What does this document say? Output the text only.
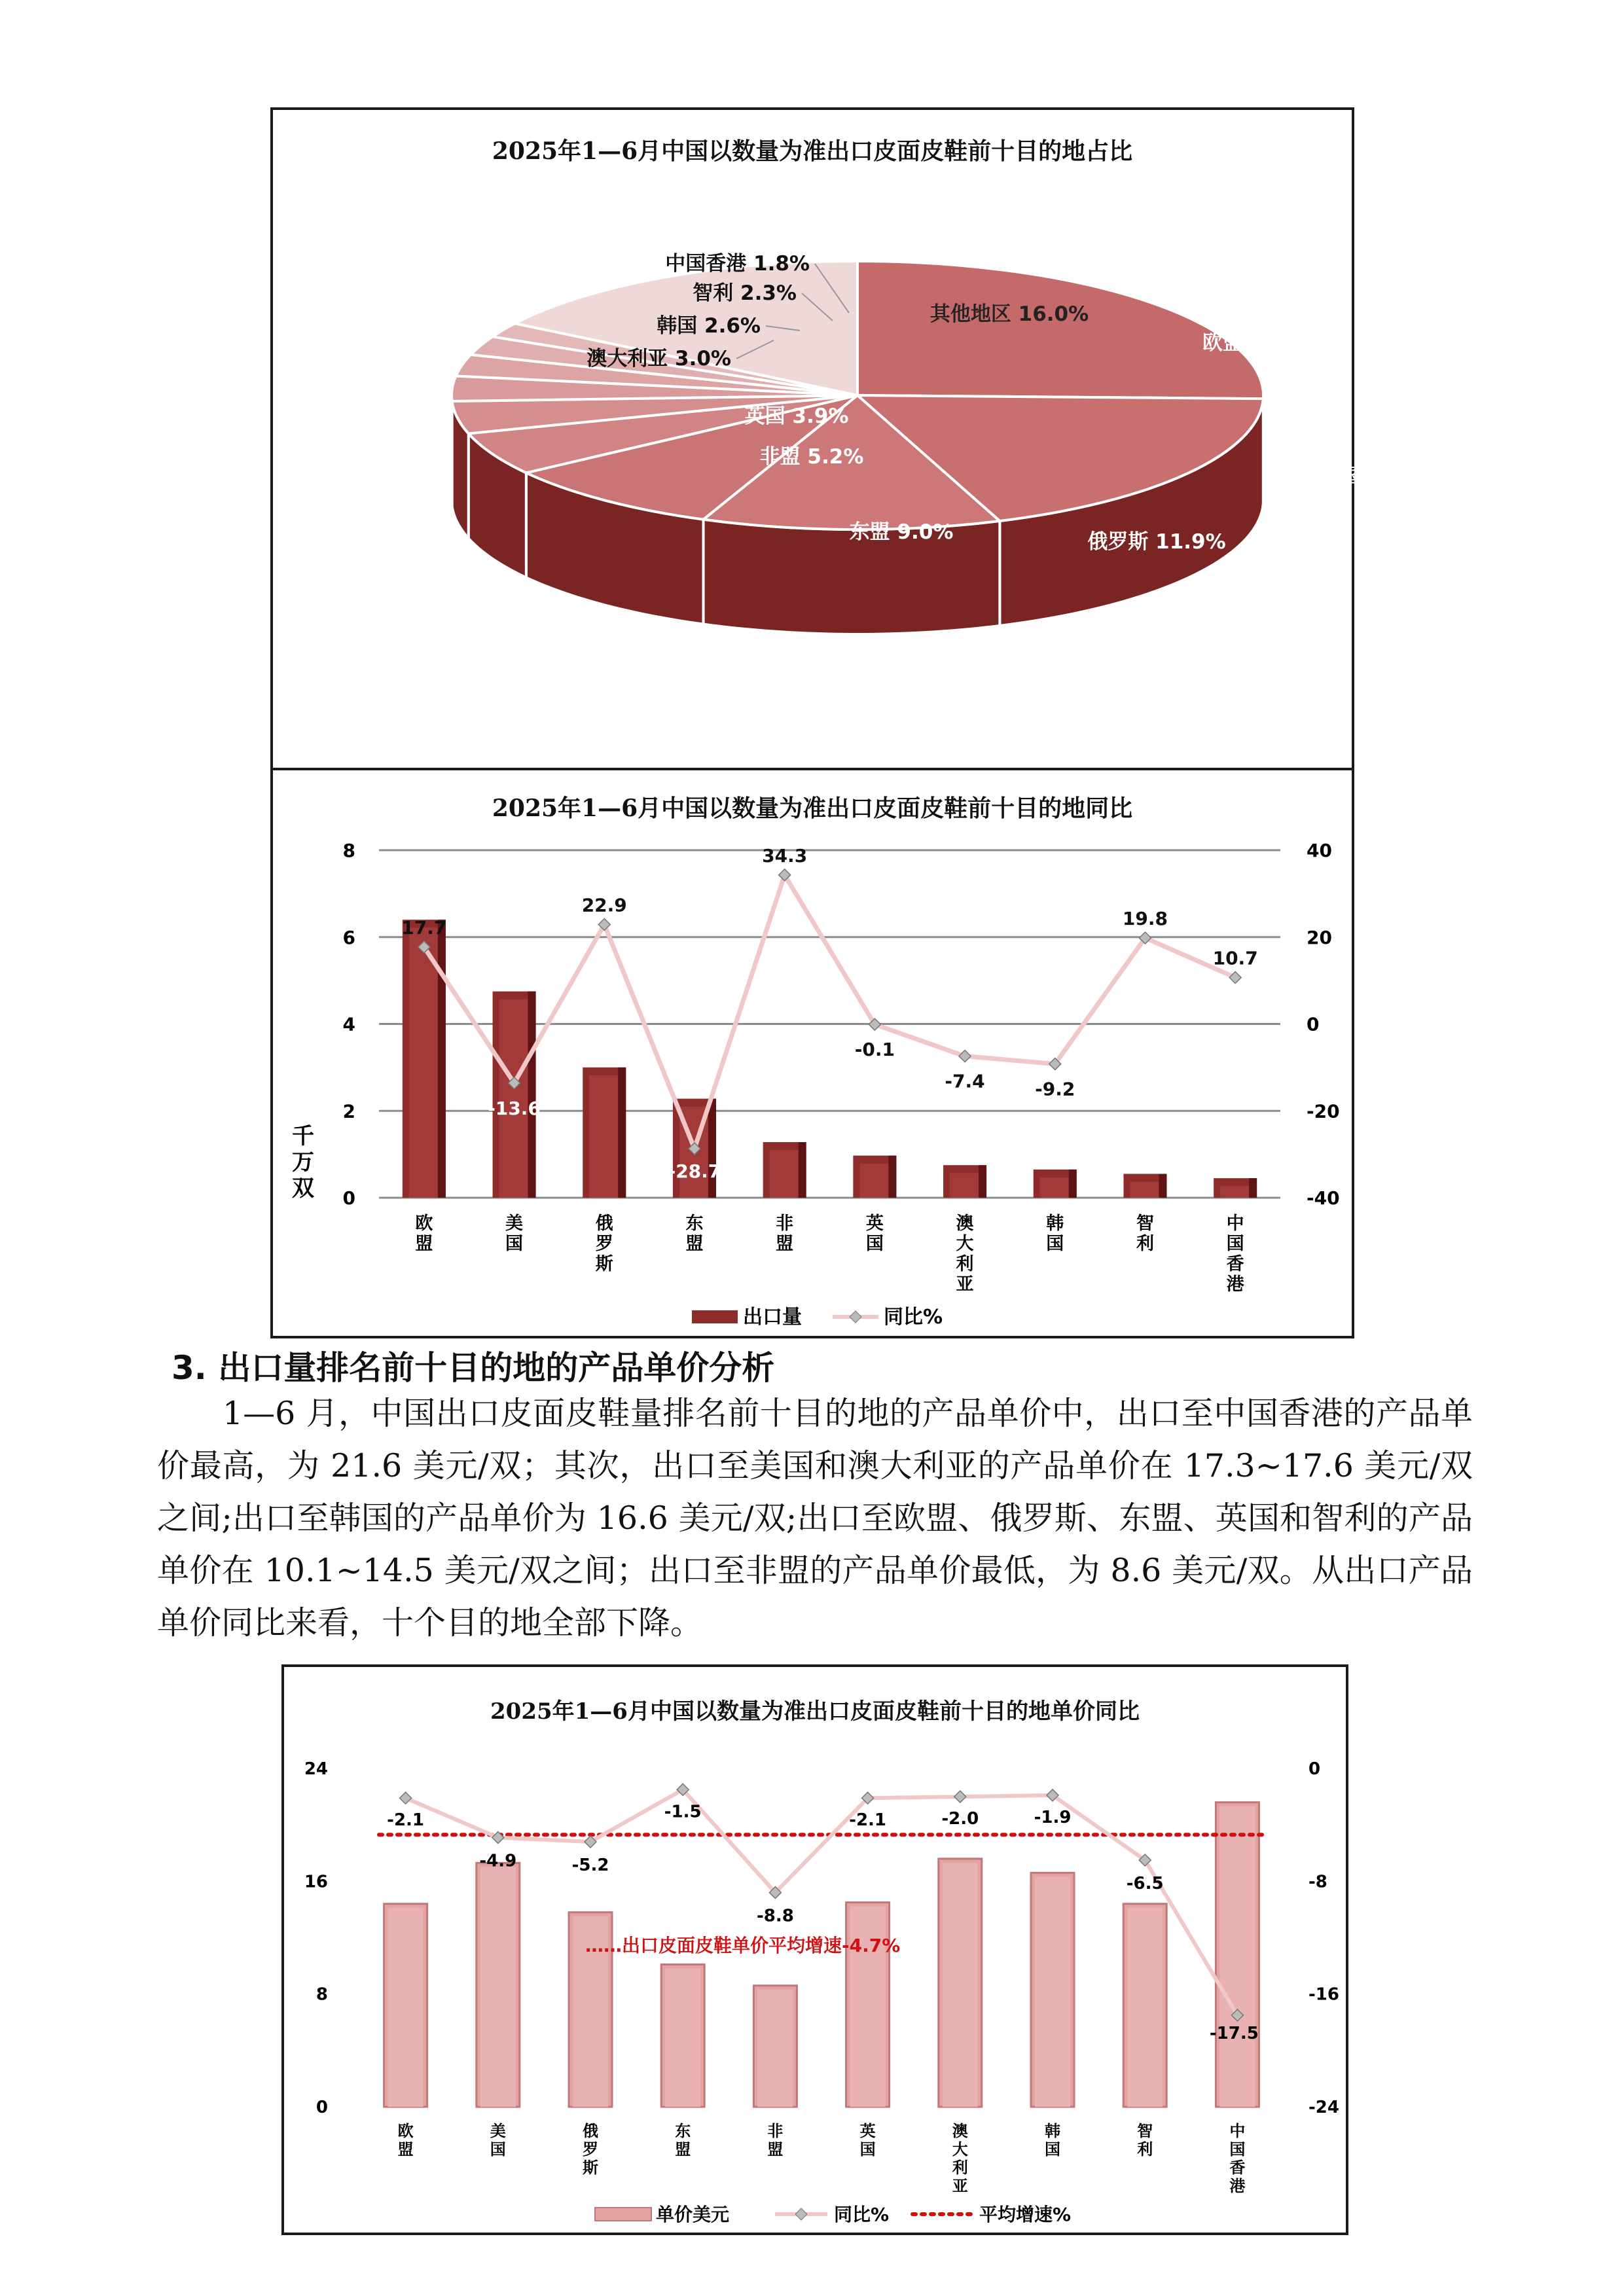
2025年1—6月中国以数量为准出口皮面皮鞋前十目的地占比
欧盟 25.4%
美国 18.9%
俄罗斯 11.9%
东盟 9.0%
非盟 5.2%
英国 3.9%
澳大利亚 3.0%
韩国 2.6%
智利 2.3%
中国香港 1.8%
其他地区 16.0%
2025年1—6月中国以数量为准出口皮面皮鞋前十目的地同比
0
2
4
6
8
-40
-20
0
20
40
千
万
双
17.7
-13.6
22.9
-28.7
34.3
-0.1
-7.4	-9.2
19.8
10.7
欧
盟
美
国
俄
罗
斯
东
盟
非
盟
英
国
澳
大
利
亚
韩
国
智
利
中
国
香
港
出口量	同比%
3. 出口量排名前十目的地的产品单价分析

1—6 月，中国出口皮面皮鞋量排名前十目的地的产品单价中，出口至中国香港的产品单价最高，为 21.6 美元/双；其次，出口至美国和澳大利亚的产品单价在 17.3~17.6 美元/双之间;出口至韩国的产品单价为 16.6 美元/双;出口至欧盟、俄罗斯、东盟、英国和智利的产品单价在 10.1~14.5 美元/双之间；出口至非盟的产品单价最低，为 8.6 美元/双。从出口产品单价同比来看，十个目的地全部下降。

2025年1—6月中国以数量为准出口皮面皮鞋前十目的地单价同比
0
8
16
24
-24
-16
-8
0
……出口皮面皮鞋单价平均增速-4.7%
-2.1
-4.9	-5.2
-1.5
-8.8
-2.1	-2.0	-1.9
-6.5
-17.5
欧
盟
美
国
俄
罗
斯
东
盟
非
盟
英
国
澳
大
利
亚
韩
国
智
利
中
国
香
港
单价美元	同比%	平均增速%
